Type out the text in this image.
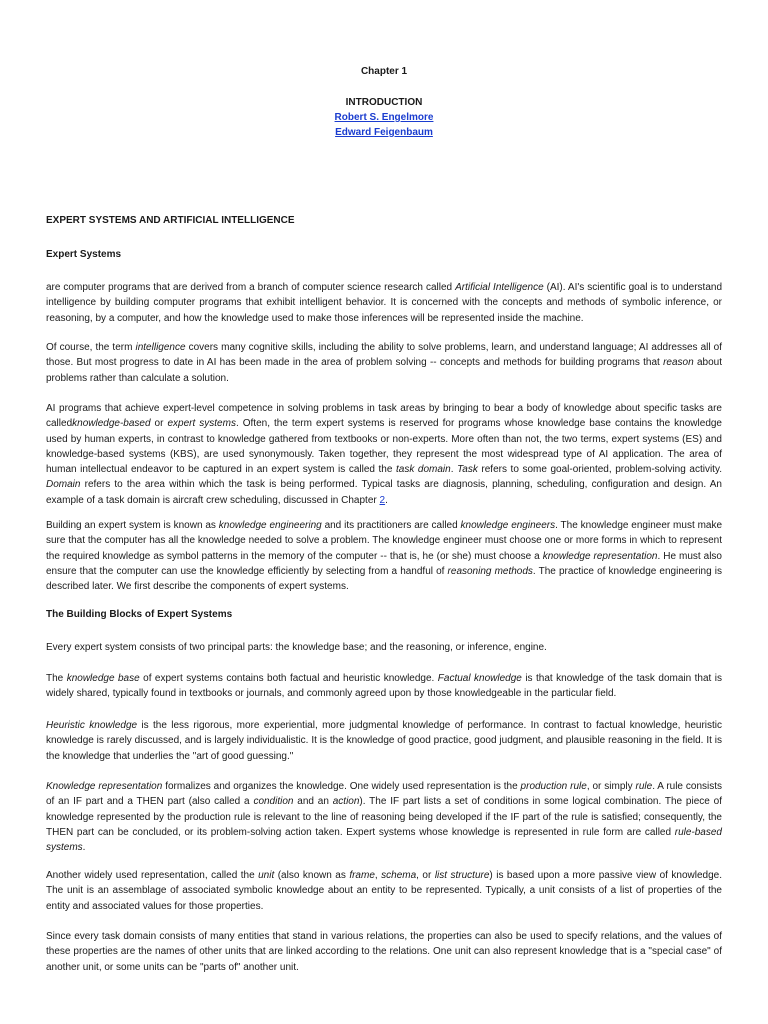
Chapter 1
INTRODUCTION
Robert S. Engelmore
Edward Feigenbaum
EXPERT SYSTEMS AND ARTIFICIAL INTELLIGENCE
Expert Systems

are computer programs that are derived from a branch of computer science research called Artificial Intelligence (AI). AI's scientific goal is to understand intelligence by building computer programs that exhibit intelligent behavior. It is concerned with the concepts and methods of symbolic inference, or reasoning, by a computer, and how the knowledge used to make those inferences will be represented inside the machine.

Of course, the term intelligence covers many cognitive skills, including the ability to solve problems, learn, and understand language; AI addresses all of those. But most progress to date in AI has been made in the area of problem solving -- concepts and methods for building programs that reason about problems rather than calculate a solution.

AI programs that achieve expert-level competence in solving problems in task areas by bringing to bear a body of knowledge about specific tasks are calledknowledge-based or expert systems. Often, the term expert systems is reserved for programs whose knowledge base contains the knowledge used by human experts, in contrast to knowledge gathered from textbooks or non-experts. More often than not, the two terms, expert systems (ES) and knowledge-based systems (KBS), are used synonymously. Taken together, they represent the most widespread type of AI application. The area of human intellectual endeavor to be captured in an expert system is called the task domain. Task refers to some goal-oriented, problem-solving activity. Domain refers to the area within which the task is being performed. Typical tasks are diagnosis, planning, scheduling, configuration and design. An example of a task domain is aircraft crew scheduling, discussed in Chapter 2.

Building an expert system is known as knowledge engineering and its practitioners are called knowledge engineers. The knowledge engineer must make sure that the computer has all the knowledge needed to solve a problem. The knowledge engineer must choose one or more forms in which to represent the required knowledge as symbol patterns in the memory of the computer -- that is, he (or she) must choose a knowledge representation. He must also ensure that the computer can use the knowledge efficiently by selecting from a handful of reasoning methods. The practice of knowledge engineering is described later. We first describe the components of expert systems.

The Building Blocks of Expert Systems

Every expert system consists of two principal parts: the knowledge base; and the reasoning, or inference, engine.

The knowledge base of expert systems contains both factual and heuristic knowledge. Factual knowledge is that knowledge of the task domain that is widely shared, typically found in textbooks or journals, and commonly agreed upon by those knowledgeable in the particular field.

Heuristic knowledge is the less rigorous, more experiential, more judgmental knowledge of performance. In contrast to factual knowledge, heuristic knowledge is rarely discussed, and is largely individualistic. It is the knowledge of good practice, good judgment, and plausible reasoning in the field. It is the knowledge that underlies the "art of good guessing."

Knowledge representation formalizes and organizes the knowledge. One widely used representation is the production rule, or simply rule. A rule consists of an IF part and a THEN part (also called a condition and an action). The IF part lists a set of conditions in some logical combination. The piece of knowledge represented by the production rule is relevant to the line of reasoning being developed if the IF part of the rule is satisfied; consequently, the THEN part can be concluded, or its problem-solving action taken. Expert systems whose knowledge is represented in rule form are called rule-based systems.

Another widely used representation, called the unit (also known as frame, schema, or list structure) is based upon a more passive view of knowledge. The unit is an assemblage of associated symbolic knowledge about an entity to be represented. Typically, a unit consists of a list of properties of the entity and associated values for those properties.

Since every task domain consists of many entities that stand in various relations, the properties can also be used to specify relations, and the values of these properties are the names of other units that are linked according to the relations. One unit can also represent knowledge that is a "special case" of another unit, or some units can be "parts of" another unit.
